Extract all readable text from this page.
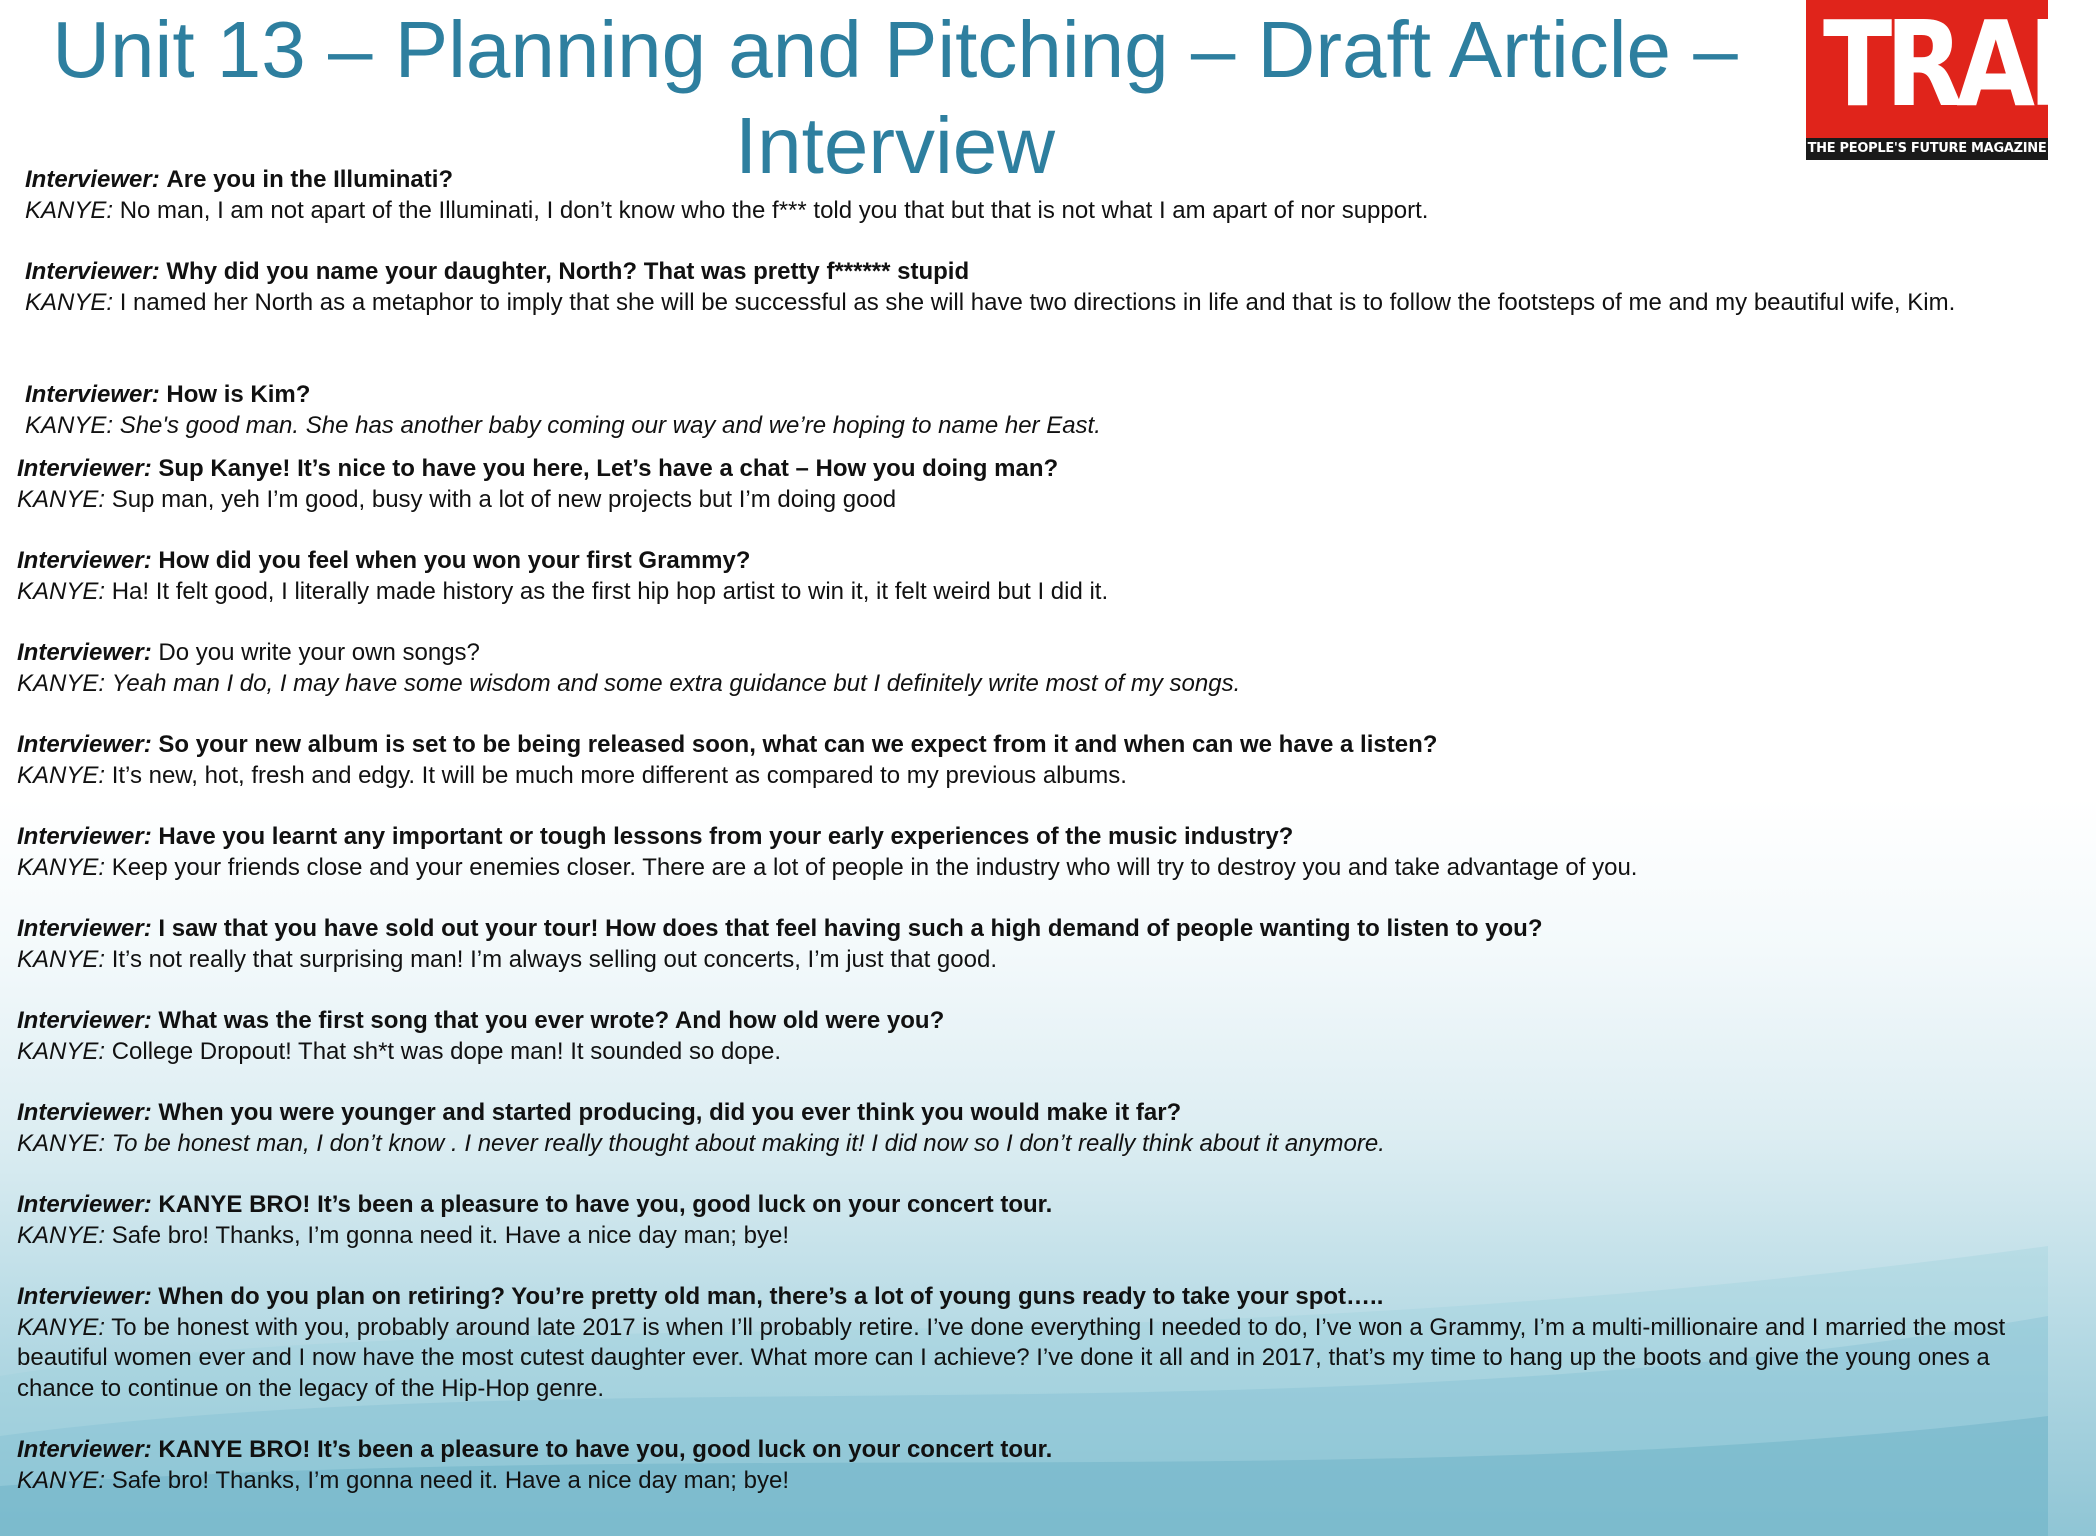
Unit 13 – Planning and Pitching – Draft Article – Interview
TRAP
THE PEOPLE'S FUTURE MAGAZINE
Interviewer: Are you in the Illuminati?
KANYE: No man, I am not apart of the Illuminati, I don’t know who the f*** told you that but that is not what I am apart of nor support.
Interviewer: Why did you name your daughter, North? That was pretty f****** stupid
KANYE: I named her North as a metaphor to imply that she will be successful as she will have two directions in life and that is to follow the footsteps of me and my beautiful wife, Kim.
Interviewer: How is Kim?
KANYE: She's good man. She has another baby coming our way and we’re hoping to name her East.
Interviewer: Sup Kanye! It’s nice to have you here, Let’s have a chat – How you doing man?
KANYE: Sup man, yeh I’m good, busy with a lot of new projects but I’m doing good
Interviewer: How did you feel when you won your first Grammy?
KANYE: Ha! It felt good, I literally made history as the first hip hop artist to win it, it felt weird but I did it.
Interviewer: Do you write your own songs?
KANYE: Yeah man I do, I may have some wisdom and some extra guidance but I definitely write most of my songs.
Interviewer: So your new album is set to be being released soon, what can we expect from it and when can we have a listen?
KANYE: It’s new, hot, fresh and edgy. It will be much more different as compared to my previous albums.
Interviewer: Have you learnt any important or tough lessons from your early experiences of the music industry?
KANYE: Keep your friends close and your enemies closer. There are a lot of people in the industry who will try to destroy you and take advantage of you.
Interviewer: I saw that you have sold out your tour! How does that feel having such a high demand of people wanting to listen to you?
KANYE: It’s not really that surprising man! I’m always selling out concerts, I’m just that good.
Interviewer: What was the first song that you ever wrote? And how old were you?
KANYE: College Dropout! That sh*t was dope man! It sounded so dope.
Interviewer: When you were younger and started producing, did you ever think you would make it far?
KANYE: To be honest man, I don’t know . I never really thought about making it! I did now so I don’t really think about it anymore.
Interviewer: KANYE BRO! It’s been a pleasure to have you, good luck on your concert tour.
KANYE: Safe bro! Thanks, I’m gonna need it. Have a nice day man; bye!
Interviewer: When do you plan on retiring? You’re pretty old man, there’s a lot of young guns ready to take your spot…..
KANYE: To be honest with you, probably around late 2017 is when I’ll probably retire. I’ve done everything I needed to do, I’ve won a Grammy, I’m a multi-millionaire and I married the most beautiful women ever and I now have the most cutest daughter ever. What more can I achieve? I’ve done it all and in 2017, that’s my time to hang up the boots and give the young ones a chance to continue on the legacy of the Hip-Hop genre.
Interviewer: KANYE BRO! It’s been a pleasure to have you, good luck on your concert tour.
KANYE: Safe bro! Thanks, I’m gonna need it. Have a nice day man; bye!
